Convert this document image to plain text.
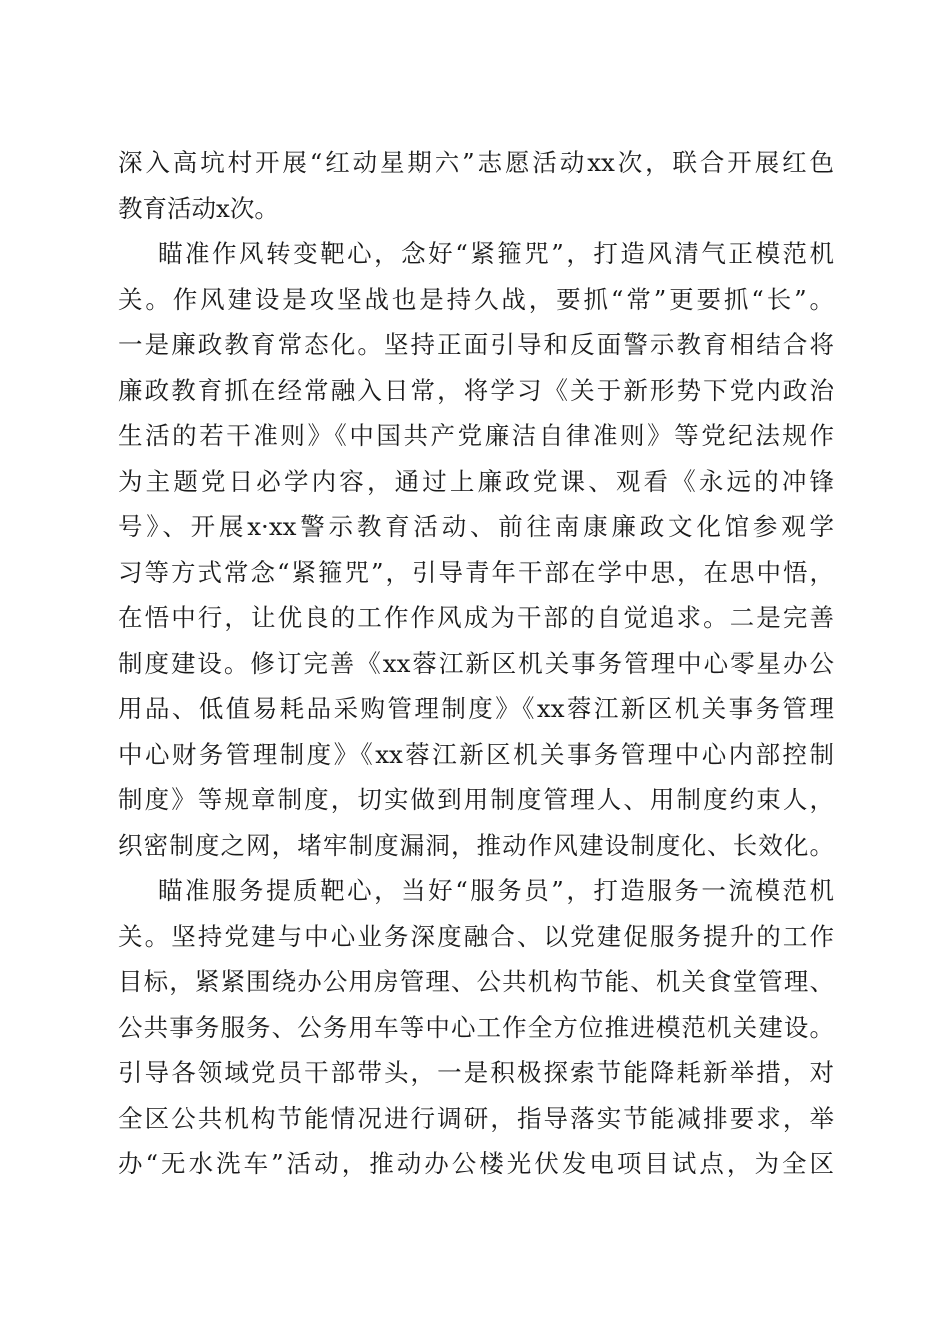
深入高坑村开展“红动星期六”志愿活动xx次，联合开展红色
教育活动x次。
瞄准作风转变靶心，念好“紧箍咒”，打造风清气正模范机
关。作风建设是攻坚战也是持久战，要抓“常”更要抓“长”。
一是廉政教育常态化。坚持正面引导和反面警示教育相结合将
廉政教育抓在经常融入日常，将学习《关于新形势下党内政治
生活的若干准则》《中国共产党廉洁自律准则》等党纪法规作
为主题党日必学内容，通过上廉政党课、观看《永远的冲锋
号》、开展x·xx警示教育活动、前往南康廉政文化馆参观学
习等方式常念“紧箍咒”，引导青年干部在学中思，在思中悟，
在悟中行，让优良的工作作风成为干部的自觉追求。二是完善
制度建设。修订完善《xx蓉江新区机关事务管理中心零星办公
用品、低值易耗品采购管理制度》《xx蓉江新区机关事务管理
中心财务管理制度》《xx蓉江新区机关事务管理中心内部控制
制度》等规章制度，切实做到用制度管理人、用制度约束人，
织密制度之网，堵牢制度漏洞，推动作风建设制度化、长效化。
瞄准服务提质靶心，当好“服务员”，打造服务一流模范机
关。坚持党建与中心业务深度融合、以党建促服务提升的工作
目标，紧紧围绕办公用房管理、公共机构节能、机关食堂管理、
公共事务服务、公务用车等中心工作全方位推进模范机关建设。
引导各领域党员干部带头，一是积极探索节能降耗新举措，对
全区公共机构节能情况进行调研，指导落实节能减排要求，举
办“无水洗车”活动，推动办公楼光伏发电项目试点，为全区
